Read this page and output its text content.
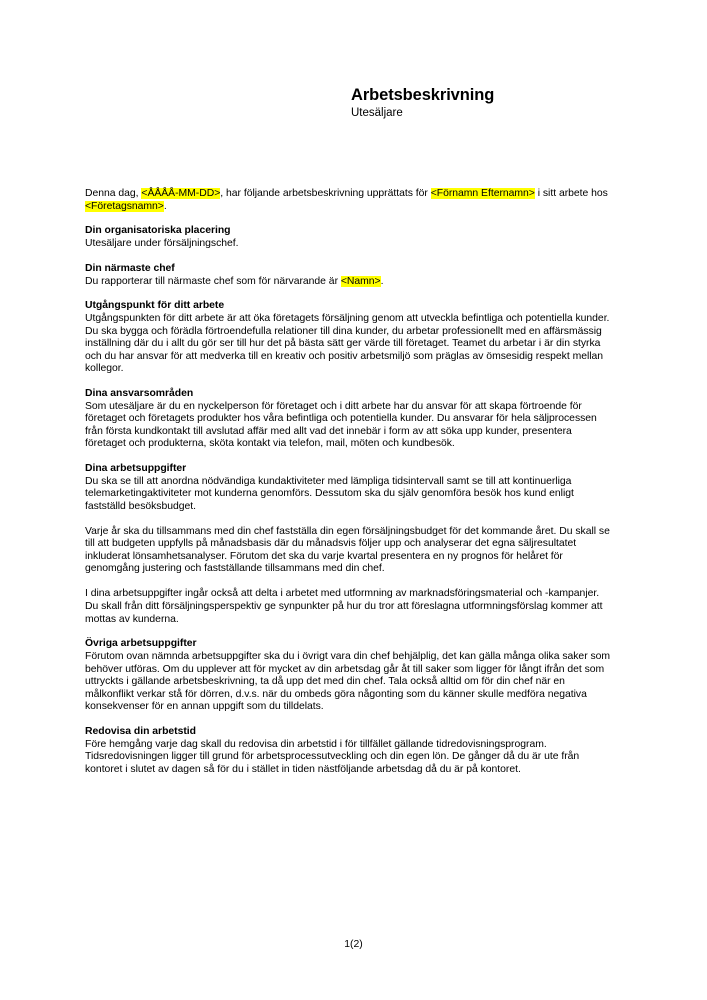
Arbetsbeskrivning
Utesäljare

Denna dag, <ÅÅÅÅ-MM-DD>, har följande arbetsbeskrivning upprättats för <Förnamn Efternamn> i sitt arbete hos <Företagsnamn>.

Din organisatoriska placering

Utesäljare under försäljningschef.

Din närmaste chef

Du rapporterar till närmaste chef som för närvarande är <Namn>.

Utgångspunkt för ditt arbete

Utgångspunkten för ditt arbete är att öka företagets försäljning genom att utveckla befintliga och potentiella kunder. Du ska bygga och förädla förtroendefulla relationer till dina kunder, du arbetar professionellt med en affärsmässig inställning där du i allt du gör ser till hur det på bästa sätt ger värde till företaget. Teamet du arbetar i är din styrka och du har ansvar för att medverka till en kreativ och positiv arbetsmiljö som präglas av ömsesidig respekt mellan kollegor.

Dina ansvarsområden

Som utesäljare är du en nyckelperson för företaget och i ditt arbete har du ansvar för att skapa förtroende för företaget och företagets produkter hos våra befintliga och potentiella kunder. Du ansvarar för hela säljprocessen från första kundkontakt till avslutad affär med allt vad det innebär i form av att söka upp kunder, presentera företaget och produkterna, sköta kontakt via telefon, mail, möten och kundbesök.

Dina arbetsuppgifter

Du ska se till att anordna nödvändiga kundaktiviteter med lämpliga tidsintervall samt se till att kontinuerliga telemarketingaktiviteter mot kunderna genomförs. Dessutom ska du själv genomföra besök hos kund enligt fastställd besöksbudget.

Varje år ska du tillsammans med din chef fastställa din egen försäljningsbudget för det kommande året. Du skall se till att budgeten uppfylls på månadsbasis där du månadsvis följer upp och analyserar det egna säljresultatet inkluderat lönsamhetsanalyser. Förutom det ska du varje kvartal presentera en ny prognos för helåret för genomgång justering och fastställande tillsammans med din chef.

I dina arbetsuppgifter ingår också att delta i arbetet med utformning av marknadsföringsmaterial och -kampanjer. Du skall från ditt försäljningsperspektiv ge synpunkter på hur du tror att föreslagna utformningsförslag kommer att mottas av kunderna.

Övriga arbetsuppgifter

Förutom ovan nämnda arbetsuppgifter ska du i övrigt vara din chef behjälplig, det kan gälla många olika saker som behöver utföras. Om du upplever att för mycket av din arbetsdag går åt till saker som ligger för långt ifrån det som uttryckts i gällande arbetsbeskrivning, ta då upp det med din chef. Tala också alltid om för din chef när en målkonflikt verkar stå för dörren, d.v.s. när du ombeds göra någonting som du känner skulle medföra negativa konsekvenser för en annan uppgift som du tilldelats.

Redovisa din arbetstid

Före hemgång varje dag skall du redovisa din arbetstid i för tillfället gällande tidredovisningsprogram. Tidsredovisningen ligger till grund för arbetsprocessutveckling och din egen lön. De gånger då du är ute från kontoret i slutet av dagen så för du i stället in tiden nästföljande arbetsdag då du är på kontoret.

1(2)
